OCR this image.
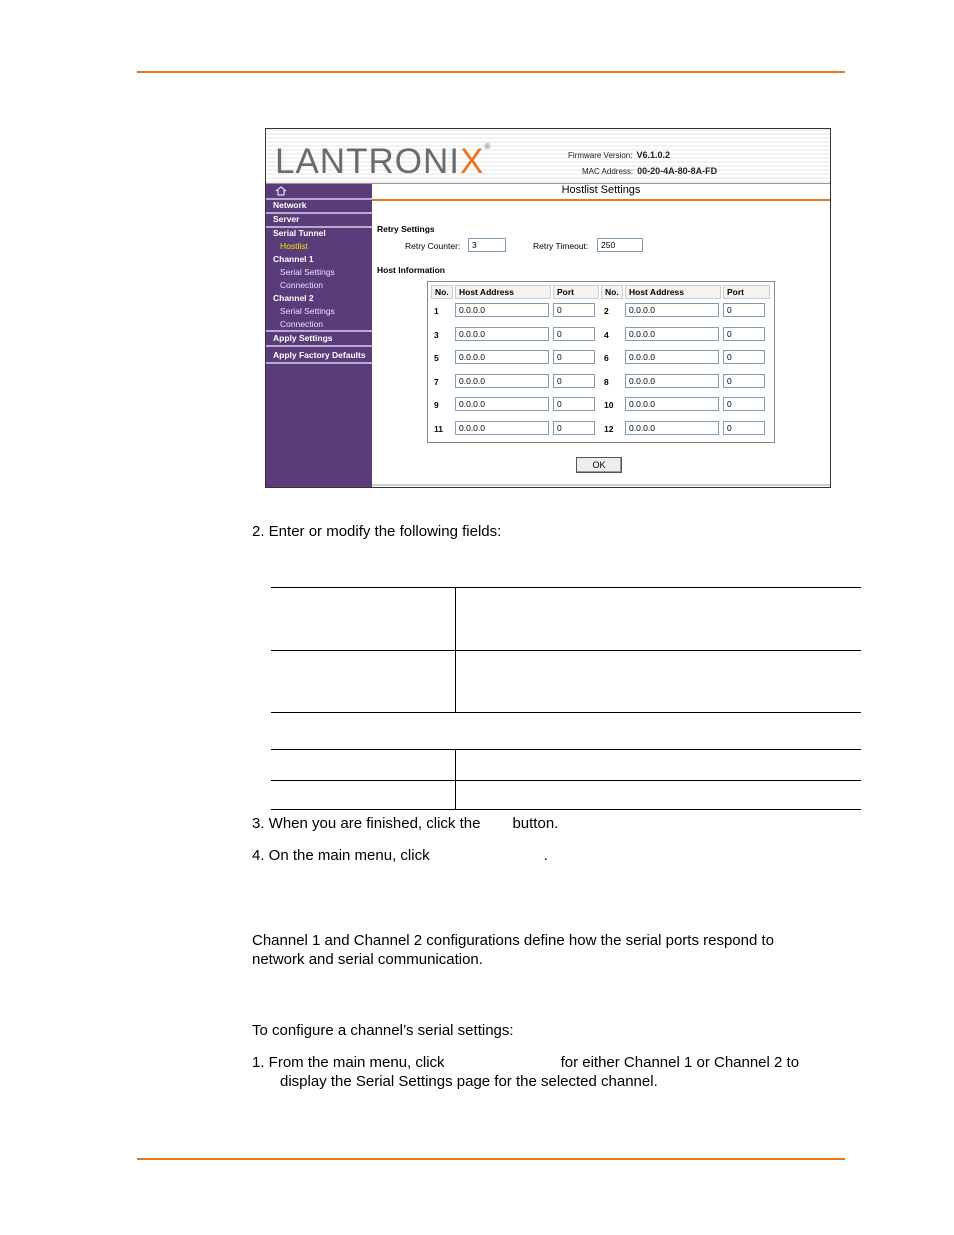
LANTRONIX®
Firmware Version: V6.1.0.2
MAC Address: 00-20-4A-80-8A-FD
Network
Server
Serial Tunnel
Hostlist
Channel 1
Serial Settings
Connection
Channel 2
Serial Settings
Connection
Apply Settings
Apply Factory Defaults
Hostlist Settings
Retry Settings
Retry Counter:	3	Retry Timeout:	250
Host Information
No.	Host Address	Port	No.	Host Address	Port
1	0.0.0.0	0	2	0.0.0.0	0
3	0.0.0.0	0	4	0.0.0.0	0
5	0.0.0.0	0	6	0.0.0.0	0
7	0.0.0.0	0	8	0.0.0.0	0
9	0.0.0.0	0	10	0.0.0.0	0
11	0.0.0.0	0	12	0.0.0.0	0
OK
2. Enter or modify the following fields:
3. When you are finished, click the button.
4. On the main menu, click	.
Channel 1 and Channel 2 configurations define how the serial ports respond to
network and serial communication.
To configure a channel’s serial settings:
1. From the main menu, click	for either Channel 1 or Channel 2 to
display the Serial Settings page for the selected channel.
